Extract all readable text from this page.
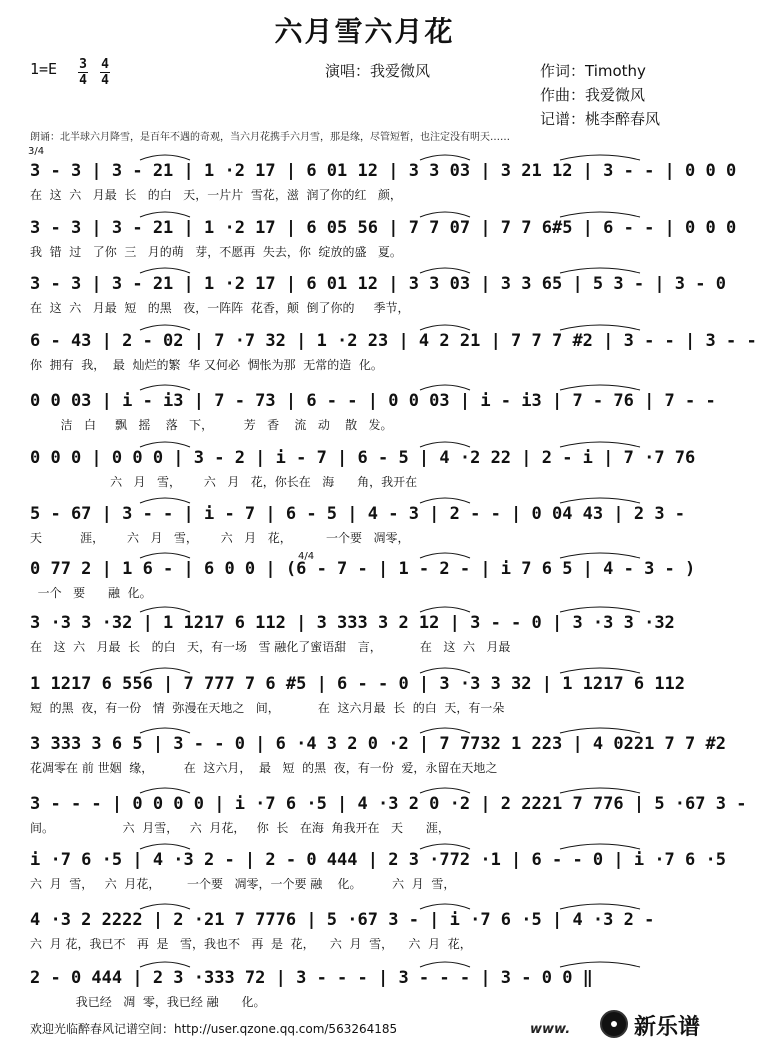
六月雪六月花
1=E 3
4
4
4
演唱：我爱微风	作词：Timothy
作曲：我爱微风
记谱：桃李醉春风
朗诵：北半球六月降雪，是百年不遇的奇观，当六月花携手六月雪，那是缘，尽管短暂，也注定没有明天……
3/4
4/4
3 - 3 | 3 - 21 | 1 ·2 17 | 6 01 12 | 3 3 03 | 3 21 12 | 3 - - | 0 0 0
在  这  六   月最  长   的白   天，一片片  雪花，滋  润了你的红   颜，
3 - 3 | 3 - 21 | 1 ·2 17 | 6 05 56 | 7 7 07 | 7 7 6#5 | 6 - - | 0 0 0
我  错  过   了你  三   月的萌   芽，不愿再  失去，你  绽放的盛   夏。
3 - 3 | 3 - 21 | 1 ·2 17 | 6 01 12 | 3 3 03 | 3 3 65 | 5 3 - | 3 - 0
在  这  六   月最  短   的黑   夜，一阵阵  花香，颠  倒了你的     季节，
6 - 43 | 2 - 02 | 7 ·7 32 | 1 ·2 23 | 4 2 21 | 7 7 7 #2 | 3 - - | 3 - -
你  拥有  我，  最  灿烂的繁  华 又何必  惆怅为那  无常的造  化。
0 0 03 | i - i3 | 7 - 73 | 6 - - | 0 0 03 | i - i3 | 7 - 76 | 7 - -
洁   白     飘   摇    落   下，        芳   香    流   动    散   发。
0 0 0 | 0 0 0 | 3 - 2 | i - 7 | 6 - 5 | 4 ·2 22 | 2 - i | 7 ·7 76
六   月   雪，      六   月   花，你长在   海      角，我开在
5 - 67 | 3 - - | i - 7 | 6 - 5 | 4 - 3 | 2 - - | 0 04 43 | 2 3 -
天          涯，      六   月   雪，      六   月   花，         一个要   凋零，
0 77 2 | 1 6 - | 6 0 0 | (6 - 7 - | 1 - 2 - | i 7 6 5 | 4 - 3 - )
一个   要      融  化。
3 ·3 3 ·32 | 1 1217 6 112 | 3 333 3 2 12 | 3 - - 0 | 3 ·3 3 ·32
在   这  六   月最  长   的白   天，有一场   雪 融化了蜜语甜   言，          在   这  六   月最
1 1217 6 556 | 7 777 7 6 #5 | 6 - - 0 | 3 ·3 3 32 | 1 1217 6 112
短  的黑  夜，有一份   情  弥漫在天地之   间，          在  这六月最  长  的白  天，有一朵
3 333 3 6 5 | 3 - - 0 | 6 ·4 3 2 0 ·2 | 7 7732 1 223 | 4 0221 7 7 #2
花凋零在 前 世姻  缘，        在  这六月，  最   短  的黑  夜，有一份  爱，永留在天地之
3 - - - | 0 0 0 0 | i ·7 6 ·5 | 4 ·3 2 0 ·2 | 2 2221 7 776 | 5 ·67 3 -
间。                  六  月雪，   六  月花，   你  长   在海  角我开在   天      涯，
i ·7 6 ·5 | 4 ·3 2 - | 2 - 0 444 | 2 3 ·772 ·1 | 6 - - 0 | i ·7 6 ·5
六  月  雪，   六  月花，       一个要   凋零，一个要 融    化。        六  月  雪，
4 ·3 2 2222 | 2 ·21 7 7776 | 5 ·67 3 - | i ·7 6 ·5 | 4 ·3 2 -
六  月 花，我已不   再  是   雪，我也不   再  是  花，    六  月  雪，    六  月  花，
2 - 0 444 | 2 3 ·333 72 | 3 - - - | 3 - - - | 3 - 0 0 ‖
我已经   凋  零，我已经 融      化。
欢迎光临醉春风记谱空间：http://user.qzone.qq.com/563264185	www.	新乐谱
